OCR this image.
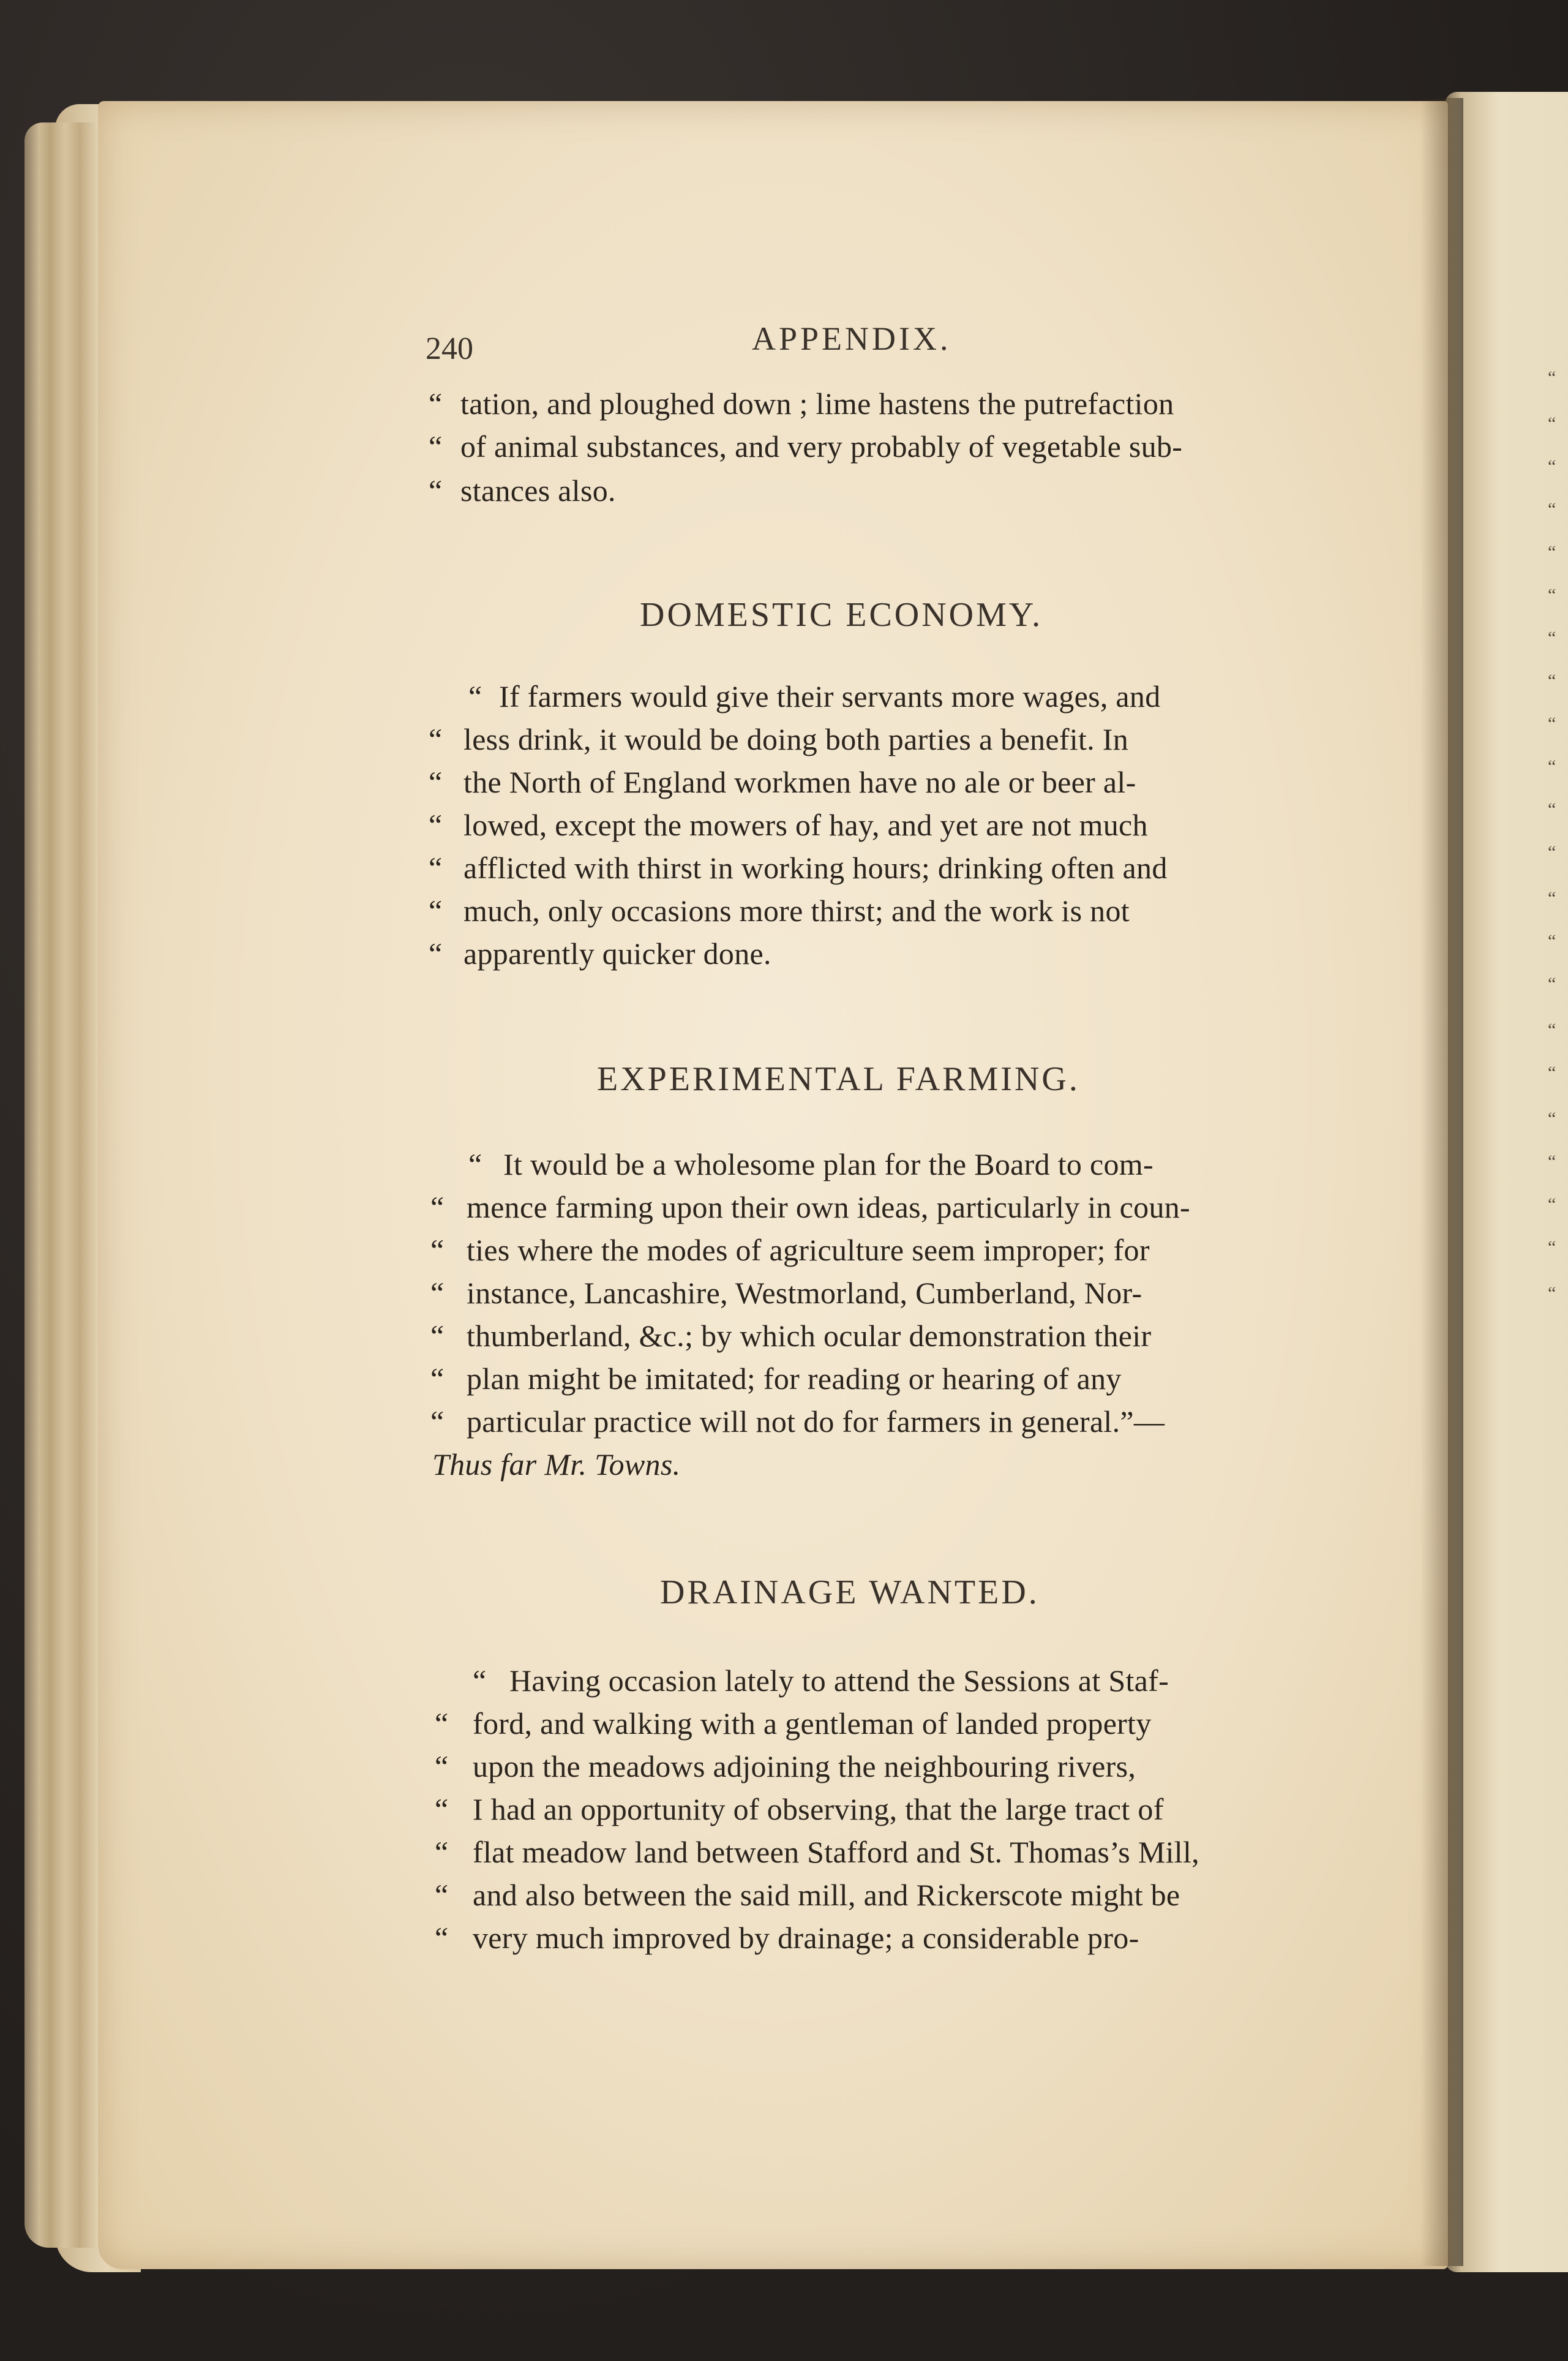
240	APPENDIX.
“ tation, and ploughed down ; lime hastens the putrefaction
“ of animal substances, and very probably of vegetable sub-
“ stances also.
DOMESTIC ECONOMY.
“ If farmers would give their servants more wages, and
“ less drink, it would be doing both parties a benefit. In
“ the North of England workmen have no ale or beer al-
“ lowed, except the mowers of hay, and yet are not much
“ afflicted with thirst in working hours; drinking often and
“ much, only occasions more thirst; and the work is not
“ apparently quicker done.
EXPERIMENTAL FARMING.
“ It would be a wholesome plan for the Board to com-
“ mence farming upon their own ideas, particularly in coun-
“ ties where the modes of agriculture seem improper; for
“ instance, Lancashire, Westmorland, Cumberland, Nor-
“ thumberland, &c.; by which ocular demonstration their
“ plan might be imitated; for reading or hearing of any
“ particular practice will not do for farmers in general.”—
Thus far Mr. Towns.
DRAINAGE WANTED.
“ Having occasion lately to attend the Sessions at Staf-
“ ford, and walking with a gentleman of landed property
“ upon the meadows adjoining the neighbouring rivers,
“ I had an opportunity of observing, that the large tract of
“ flat meadow land between Stafford and St. Thomas’s Mill,
“ and also between the said mill, and Rickerscote might be
“ very much improved by drainage; a considerable pro-
“
“
“
“
“
“
“
“
“
“
“
“
“
“
“
“
“
“
“
“
“
“
